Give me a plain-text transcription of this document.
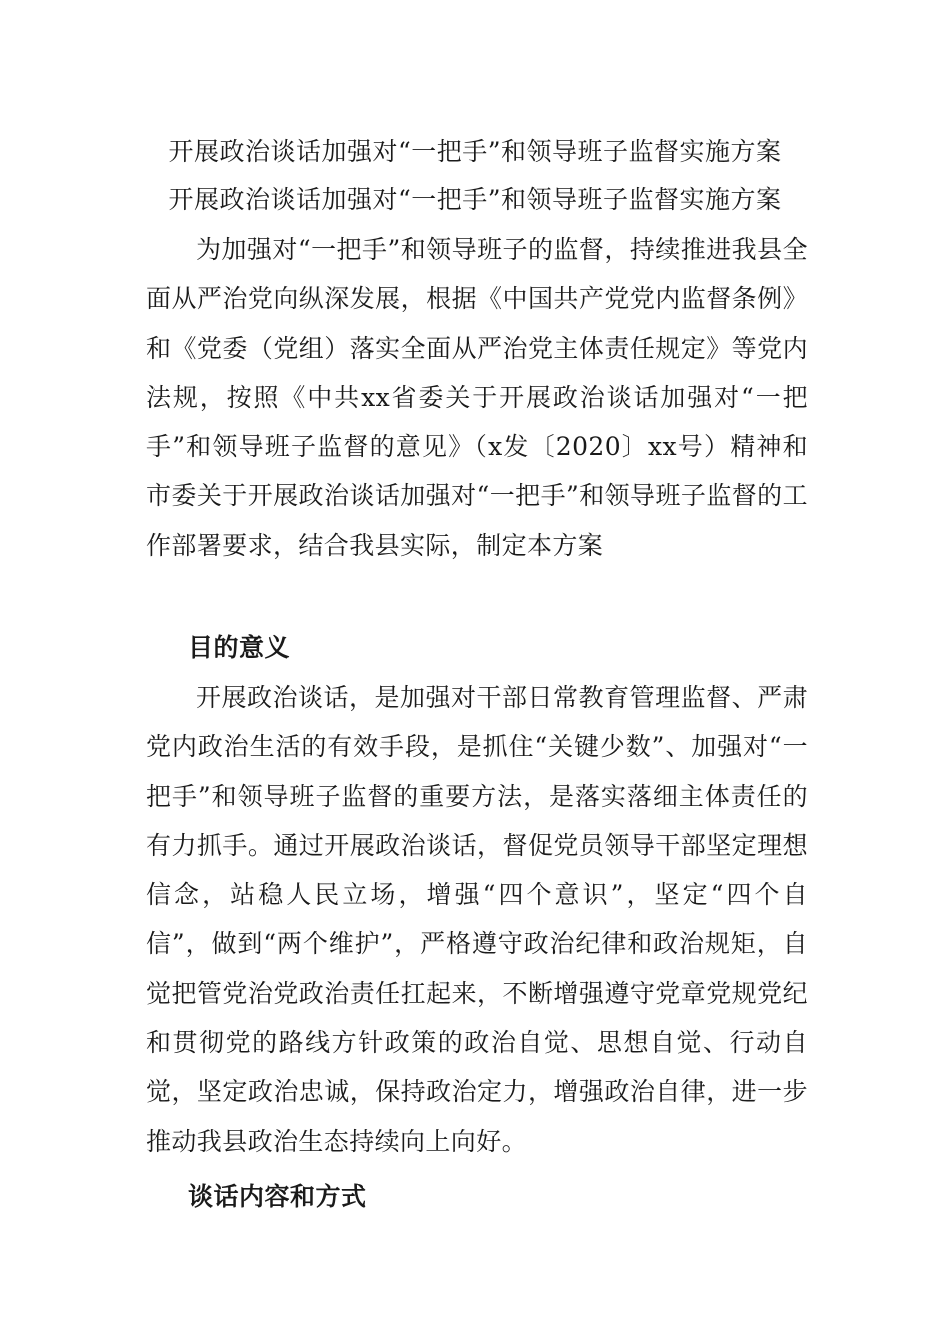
开展政治谈话加强对“一把手”和领导班子监督实施方案
开展政治谈话加强对“一把手”和领导班子监督实施方案

为加强对“一把手”和领导班子的监督，持续推进我县全面从严治党向纵深发展，根据《中国共产党党内监督条例》和《党委（党组）落实全面从严治党主体责任规定》等党内法规，按照《中共xx省委关于开展政治谈话加强对“一把手”和领导班子监督的意见》（x发〔2020〕xx号）精神和市委关于开展政治谈话加强对“一把手”和领导班子监督的工作部署要求，结合我县实际，制定本方案

目的意义

开展政治谈话，是加强对干部日常教育管理监督、严肃党内政治生活的有效手段，是抓住“关键少数”、加强对“一把手”和领导班子监督的重要方法，是落实落细主体责任的有力抓手。通过开展政治谈话，督促党员领导干部坚定理想信念，站稳人民立场，增强“四个意识”，坚定“四个自信”，做到“两个维护”，严格遵守政治纪律和政治规矩，自觉把管党治党政治责任扛起来，不断增强遵守党章党规党纪和贯彻党的路线方针政策的政治自觉、思想自觉、行动自觉，坚定政治忠诚，保持政治定力，增强政治自律，进一步推动我县政治生态持续向上向好。

谈话内容和方式
